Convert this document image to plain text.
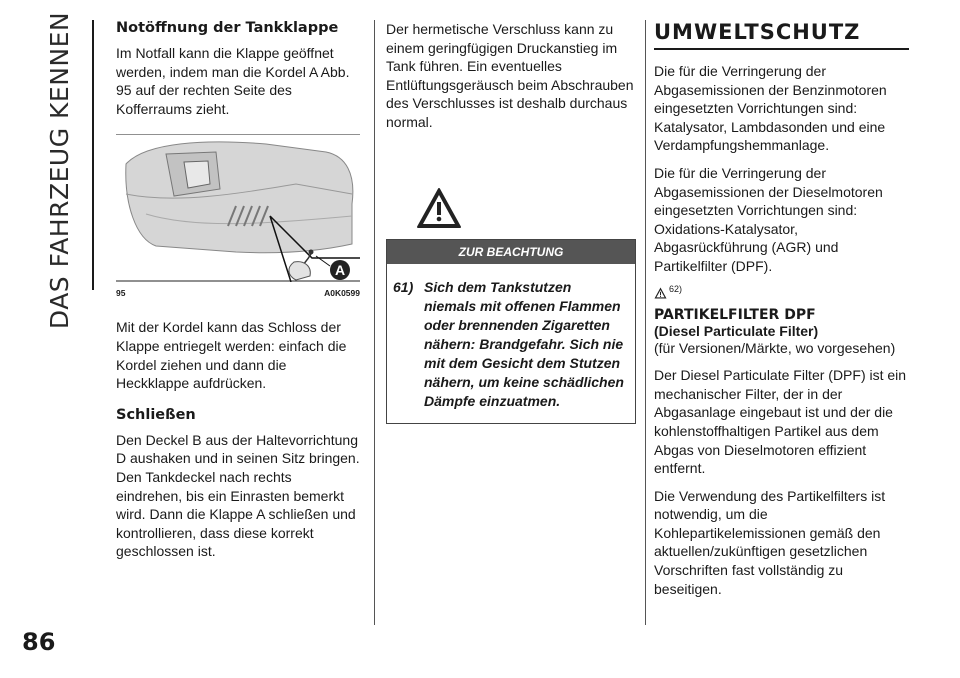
DAS FAHRZEUG KENNEN
86
Notöffnung der Tankklappe

Im Notfall kann die Klappe geöffnet werden, indem man die Kordel A Abb. 95 auf der rechten Seite des Kofferraums zieht.

A
95	A0K0599

Mit der Kordel kann das Schloss der Klappe entriegelt werden: einfach die Kordel ziehen und dann die Heckklappe aufdrücken.

Schließen

Den Deckel B aus der Haltevorrichtung D aushaken und in seinen Sitz bringen. Den Tankdeckel nach rechts eindrehen, bis ein Einrasten bemerkt wird. Dann die Klappe A schließen und kontrollieren, dass diese korrekt geschlossen ist.

Der hermetische Verschluss kann zu einem geringfügigen Druckanstieg im Tank führen. Ein eventuelles Entlüftungsgeräusch beim Abschrauben des Verschlusses ist deshalb durchaus normal.

ZUR BEACHTUNG
61) Sich dem Tankstutzen niemals mit offenen Flammen oder brennenden Zigaretten nähern: Brandgefahr. Sich nie mit dem Gesicht dem Stutzen nähern, um keine schädlichen Dämpfe einzuatmen.
UMWELTSCHUTZ

Die für die Verringerung der Abgasemissionen der Benzinmotoren eingesetzten Vorrichtungen sind: Katalysator, Lambdasonden und eine Verdampfungshemmanlage.

Die für die Verringerung der Abgasemissionen der Dieselmotoren eingesetzten Vorrichtungen sind: Oxidations-Katalysator, Abgasrückführung (AGR) und Partikelfilter (DPF).

62)
PARTIKELFILTER DPF
(Diesel Particulate Filter)
(für Versionen/Märkte, wo vorgesehen)

Der Diesel Particulate Filter (DPF) ist ein mechanischer Filter, der in der Abgasanlage eingebaut ist und der die kohlenstoffhaltigen Partikel aus dem Abgas von Dieselmotoren effizient entfernt.

Die Verwendung des Partikelfilters ist notwendig, um die Kohlepartikelemissionen gemäß den aktuellen/zukünftigen gesetzlichen Vorschriften fast vollständig zu beseitigen.
